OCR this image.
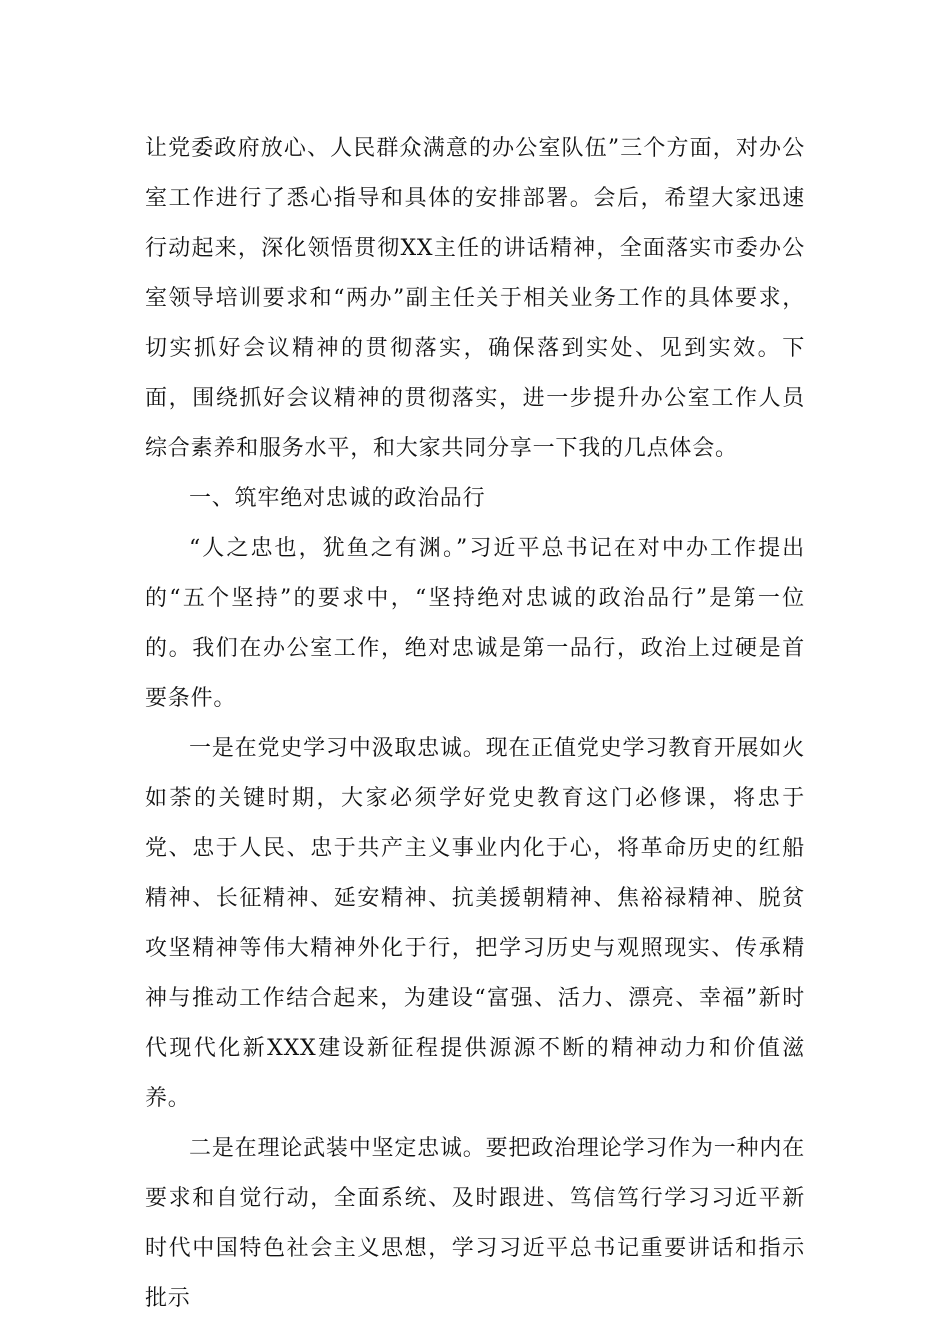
让党委政府放心、人民群众满意的办公室队伍”三个方面，对办公室工作进行了悉心指导和具体的安排部署。会后，希望大家迅速行动起来，深化领悟贯彻XX主任的讲话精神，全面落实市委办公室领导培训要求和“两办”副主任关于相关业务工作的具体要求，切实抓好会议精神的贯彻落实，确保落到实处、见到实效。下面，围绕抓好会议精神的贯彻落实，进一步提升办公室工作人员综合素养和服务水平，和大家共同分享一下我的几点体会。

一、筑牢绝对忠诚的政治品行

“人之忠也，犹鱼之有渊。”习近平总书记在对中办工作提出的“五个坚持”的要求中，“坚持绝对忠诚的政治品行”是第一位的。我们在办公室工作，绝对忠诚是第一品行，政治上过硬是首要条件。

一是在党史学习中汲取忠诚。现在正值党史学习教育开展如火如荼的关键时期，大家必须学好党史教育这门必修课，将忠于党、忠于人民、忠于共产主义事业内化于心，将革命历史的红船精神、长征精神、延安精神、抗美援朝精神、焦裕禄精神、脱贫攻坚精神等伟大精神外化于行，把学习历史与观照现实、传承精神与推动工作结合起来，为建设“富强、活力、漂亮、幸福”新时代现代化新XXX建设新征程提供源源不断的精神动力和价值滋养。

二是在理论武装中坚定忠诚。要把政治理论学习作为一种内在要求和自觉行动，全面系统、及时跟进、笃信笃行学习习近平新时代中国特色社会主义思想，学习习近平总书记重要讲话和指示批示
